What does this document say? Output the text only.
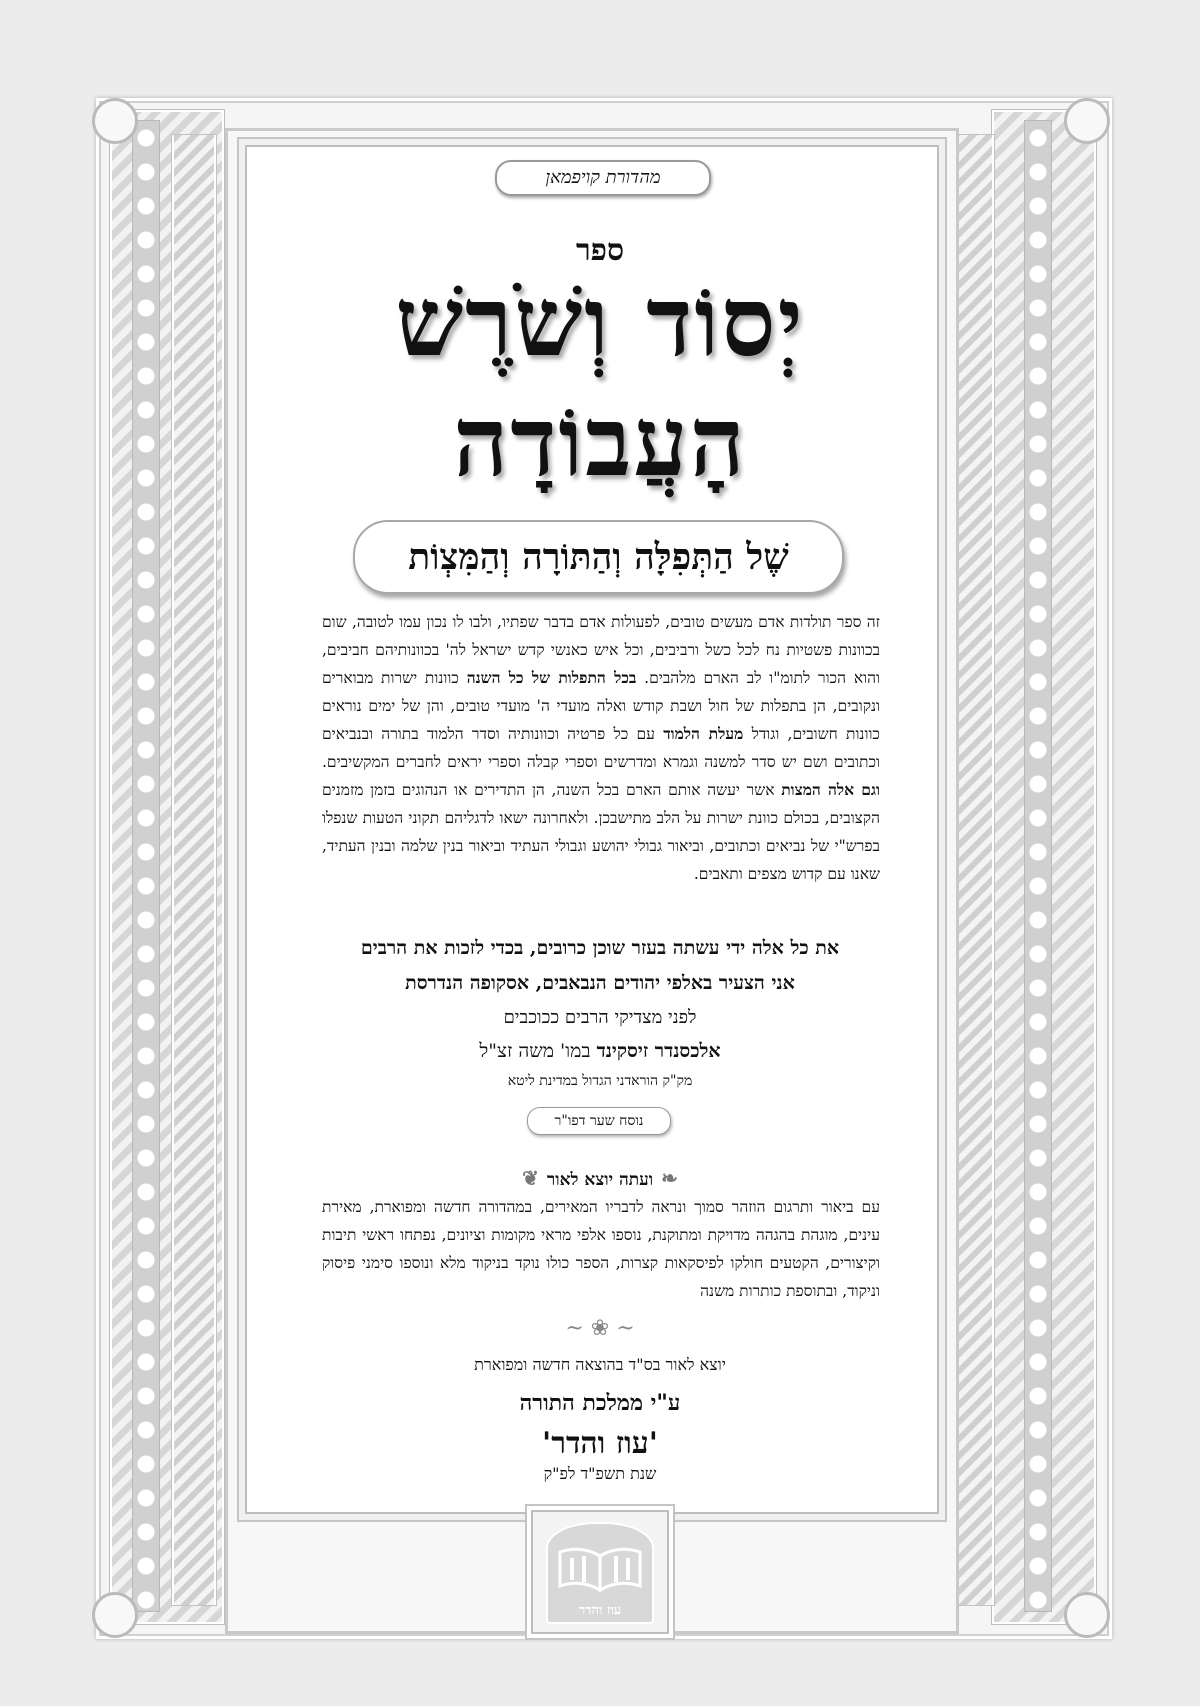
מהדורת קויפמאן
ספר
יְסוֹד וְשֹׁרֶשׁ
הָעֲבוֹדָה
שֶׁל הַתְּפִלָּה וְהַתּוֹרָה וְהַמִּצְוֹת
זה ספר תולדות אדם מעשים טובים, לפעולות אדם בדבר שפתיו, ולבו לו נכון עמו לטובה, שום בכוונות פשטיות נח לכל כשל ורביבים, וכל איש כאנשי קדש ישראל לה' בכוונותיהם חביבים, והוא הכור לתומ"ו לב הארם מלהבים. בכל התפלות של כל השנה כוונות ישרות מבוארים ונקובים, הן בתפלות של חול ושבת קודש ואלה מועדי ה' מועדי טובים, והן של ימים נוראים כוונות חשובים, וגודל מעלת הלמוד עם כל פרטיה וכוונותיה וסדר הלמוד בתורה ובנביאים וכתובים ושם יש סדר למשנה וגמרא ומדרשים וספרי קבלה וספרי יראים לחברים המקשיבים. וגם אלה המצות אשר יעשה אותם הארם בכל השנה, הן התדירים או הנהוגים בזמן מזמנים הקצובים, בכולם כוונת ישרות על הלב מתישבכן. ולאחרונה ישאו לדגליהם תקוני הטעות שנפלו בפרש"י של נביאים וכתובים, וביאור גבולי יהושע וגבולי העתיד וביאור בנין שלמה ובנין העתיד, שאנו עם קדוש מצפים ותאבים.
את כל אלה ידי עשתה בעזר שוכן כרובים, בכדי לזכות את הרבים
אני הצעיר באלפי יהודים הנבאבים, אסקופה הנדרסת
לפני מצדיקי הרבים ככוכבים
אלכסנדר זיסקינד במו' משה זצ"ל
מק"ק הוראדני הגדול במדינת ליטא
נוסח שער דפו"ר
❦ ועתה יוצא לאור ❧
עם ביאור ותרגום הוזהר סמוך ונראה לדבריו המאירים, במהדורה חדשה ומפוארת, מאירת עינים, מוגהת בהגהה מדויקת ומתוקנת, נוספו אלפי מראי מקומות וציונים, נפתחו ראשי תיבות וקיצורים, הקטעים חולקו לפיסקאות קצרות, הספר כולו נוקד בניקוד מלא ונוספו סימני פיסוק וניקוד, ובתוספת כותרות משנה
~ ❀ ~
יוצא לאור בס"ד בהוצאה חדשה ומפוארת
ע"י ממלכת התורה
'עוז והדר'
שנת תשפ"ד לפ"ק
עוז והדר
